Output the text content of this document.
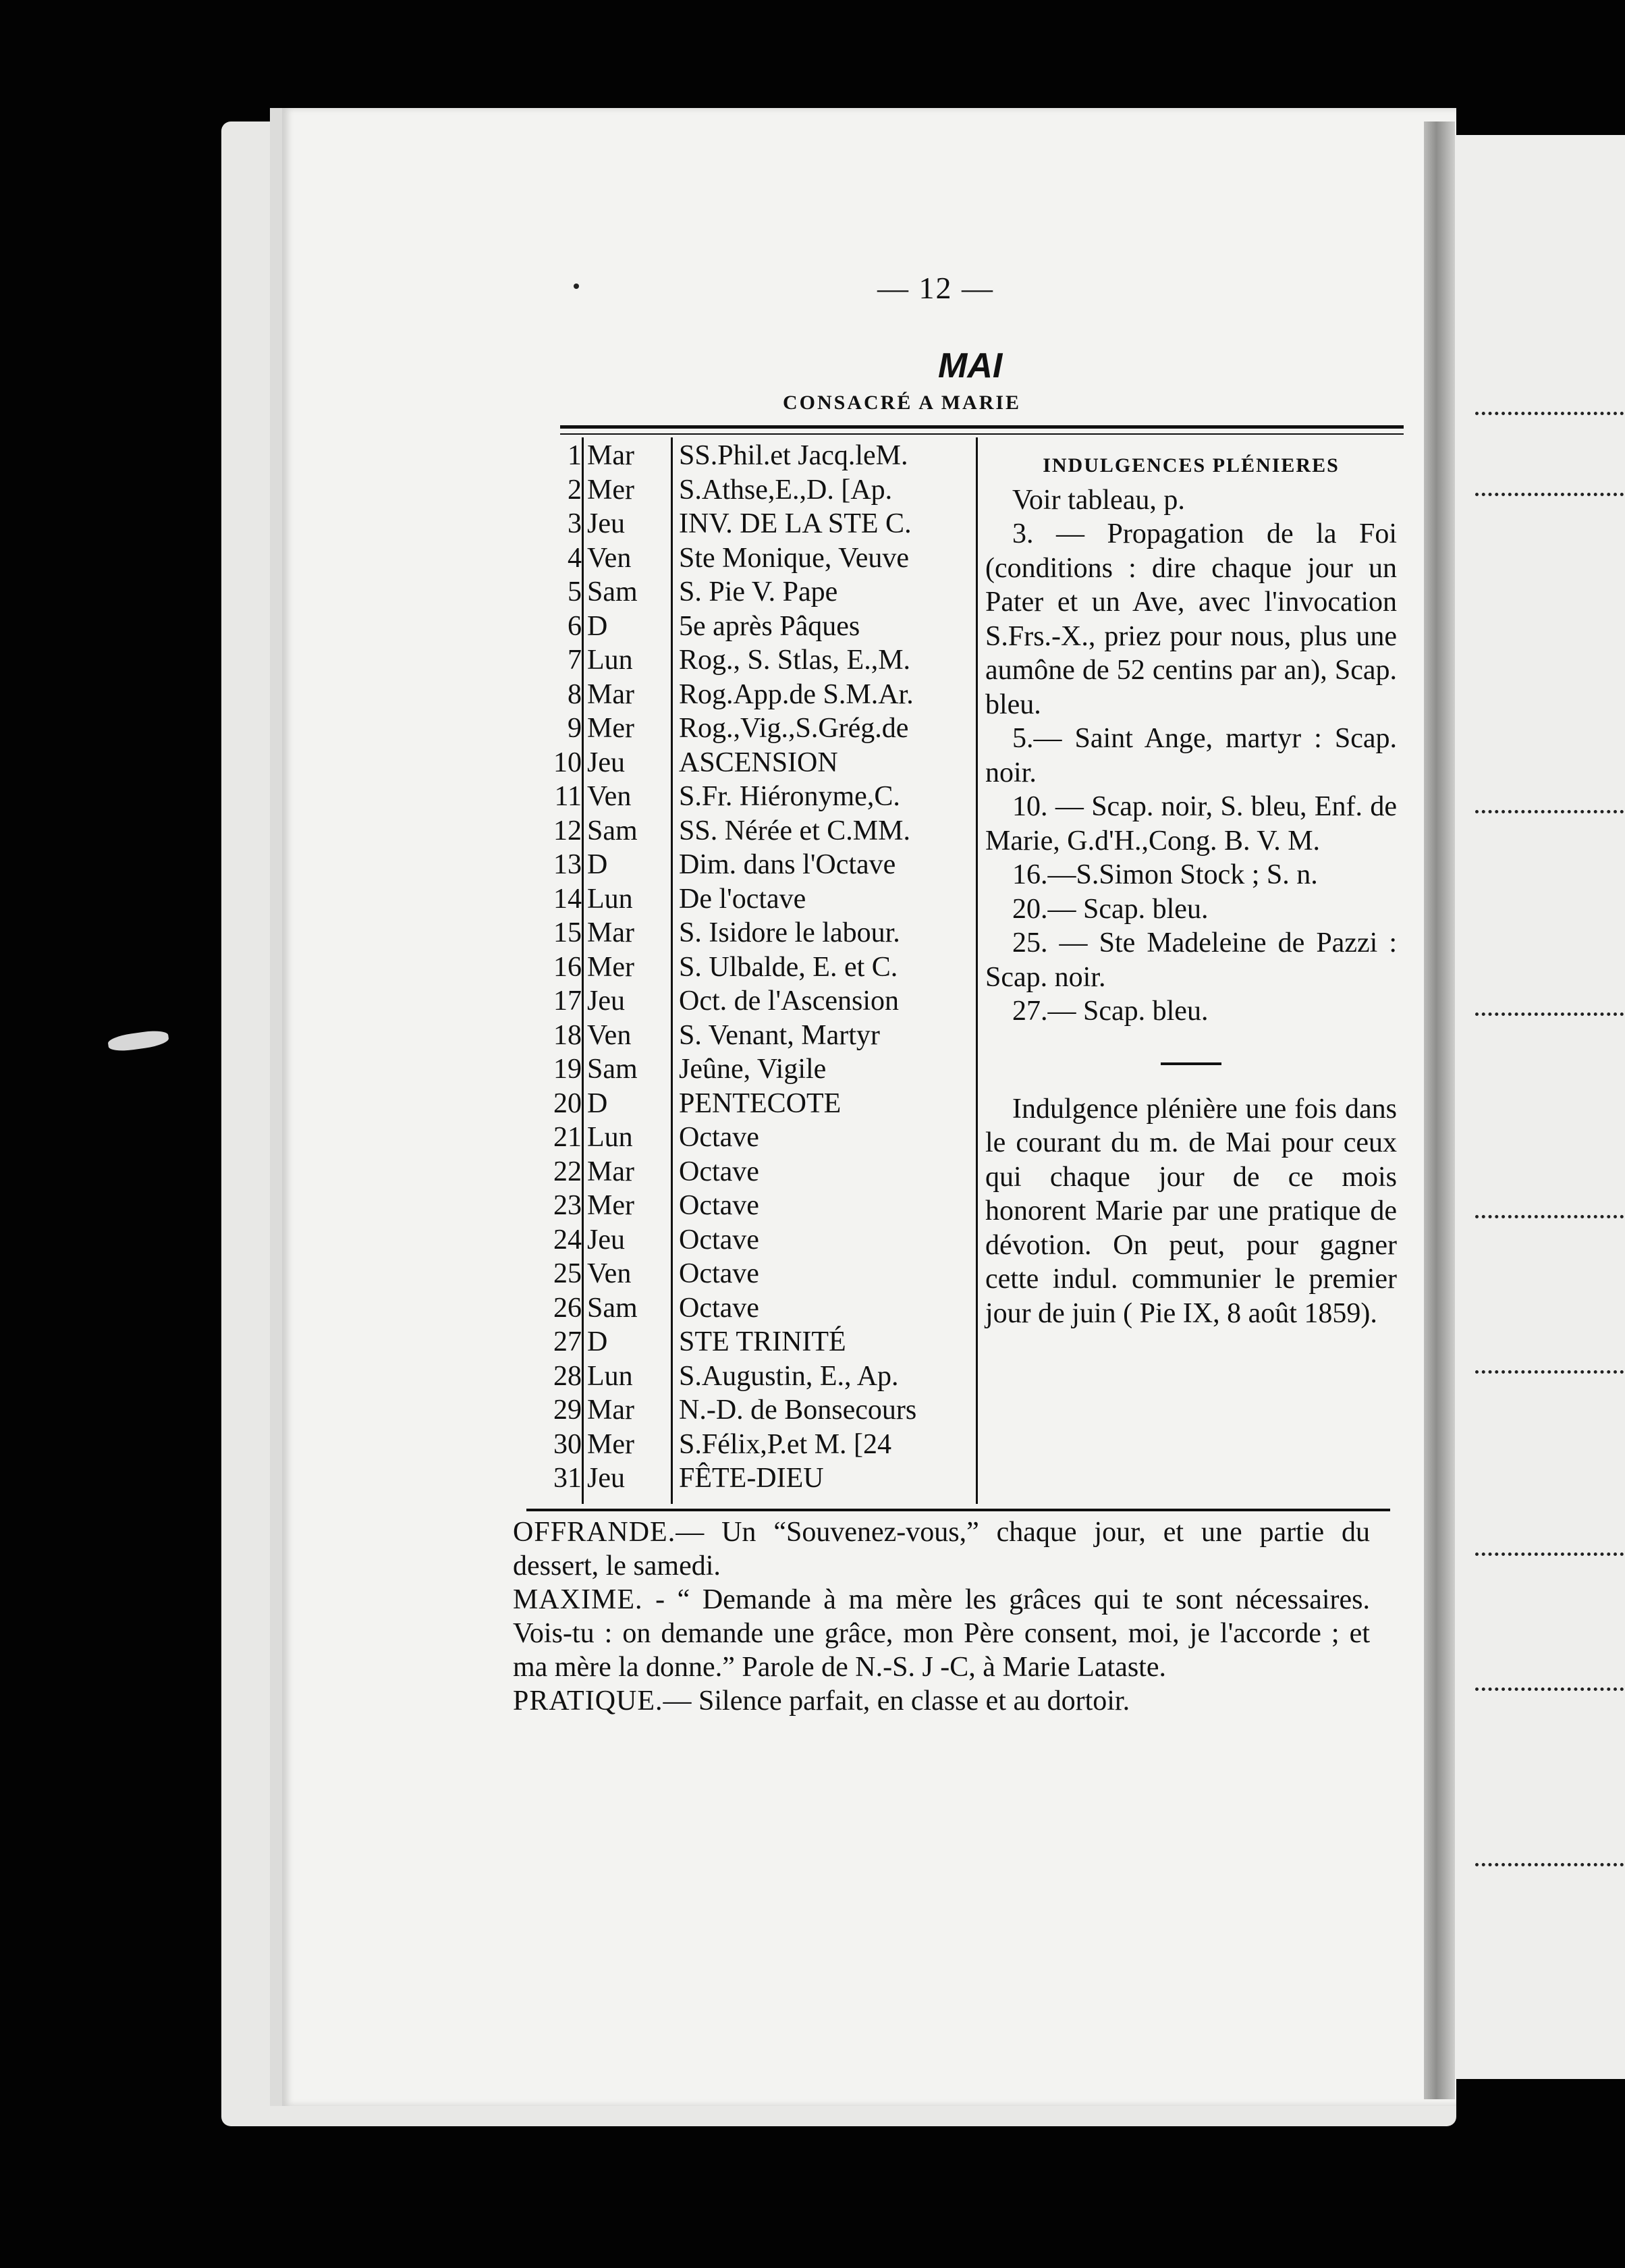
— 12 —
MAI
CONSACRÉ A MARIE
1 Mar	SS.Phil.et Jacq.leM.
2 Mer	S.Athse,E.,D. [Ap.
3 Jeu	INV. DE LA STE C.
4 Ven	Ste Monique, Veuve
5 Sam	S. Pie V. Pape
6 D	5e après Pâques
7 Lun	Rog., S. Stlas, E.,M.
8 Mar	Rog.App.de S.M.Ar.
9 Mer	Rog.,Vig.,S.Grég.de
10 Jeu	ASCENSION
11 Ven	S.Fr. Hiéronyme,C.
12 Sam	SS. Nérée et C.MM.
13 D	Dim. dans l'Octave
14 Lun	De l'octave
15 Mar	S. Isidore le labour.
16 Mer	S. Ulbalde, E. et C.
17 Jeu	Oct. de l'Ascension
18 Ven	S. Venant, Martyr
19 Sam	Jeûne, Vigile
20 D	PENTECOTE
21 Lun	Octave
22 Mar	Octave
23 Mer	Octave
24 Jeu	Octave
25 Ven	Octave
26 Sam	Octave
27 D	STE TRINITÉ
28 Lun	S.Augustin, E., Ap.
29 Mar	N.-D. de Bonsecours
30 Mer	S.Félix,P.et M. [24
31 Jeu	FÊTE-DIEU
INDULGENCES PLÉNIERES

Voir tableau, p.

3. — Propagation de la Foi (conditions : dire chaque jour un Pater et un Ave, avec l'invocation S.Frs.-X., priez pour nous, plus une aumône de 52 centins par an), Scap. bleu.

5.— Saint Ange, martyr : Scap. noir.

10. — Scap. noir, S. bleu, Enf. de Marie, G.d'H.,Cong. B. V. M.

16.—S.Simon Stock ; S. n.

20.— Scap. bleu.

25. — Ste Madeleine de Pazzi : Scap. noir.

27.— Scap. bleu.

Indulgence plénière une fois dans le courant du m. de Mai pour ceux qui chaque jour de ce mois honorent Marie par une pratique de dévotion. On peut, pour gagner cette indul. communier le premier jour de juin ( Pie IX, 8 août 1859).

OFFRANDE.— Un “Souvenez-vous,” chaque jour, et une partie du dessert, le samedi.

MAXIME. - “ Demande à ma mère les grâces qui te sont nécessaires. Vois-tu : on demande une grâce, mon Père consent, moi, je l'accorde ; et ma mère la donne.” Parole de N.-S. J -C, à Marie Lataste.

PRATIQUE.— Silence parfait, en classe et au dortoir.
